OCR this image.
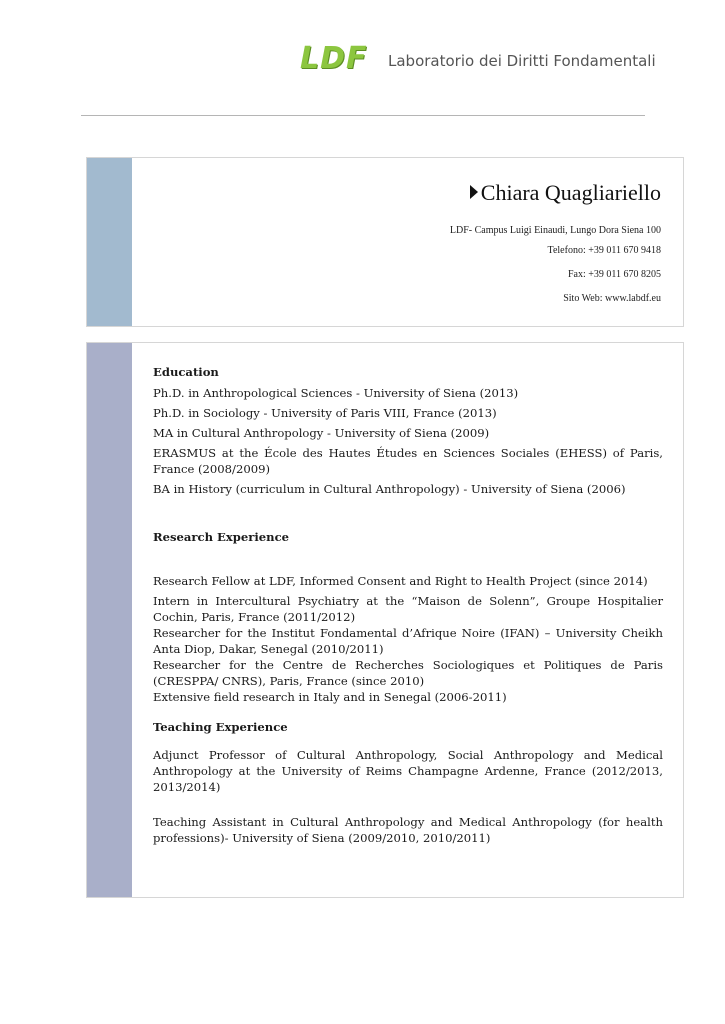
LDF Laboratorio dei Diritti Fondamentali
Chiara Quagliariello
LDF- Campus Luigi Einaudi, Lungo Dora Siena 100
Telefono: +39 011 670 9418
Fax: +39 011 670 8205
Sito Web: www.labdf.eu
Education
Ph.D. in Anthropological Sciences - University of Siena (2013)
Ph.D. in Sociology - University of Paris VIII, France (2013)
MA in Cultural Anthropology - University of Siena (2009)
ERASMUS at the École des Hautes Études en Sciences Sociales (EHESS) of Paris, France (2008/2009)
BA in History (curriculum in Cultural Anthropology) - University of Siena (2006)
Research Experience
Research Fellow at LDF, Informed Consent and Right to Health Project (since 2014)
Intern in Intercultural Psychiatry at the “Maison de Solenn”, Groupe Hospitalier Cochin, Paris, France (2011/2012)
Researcher for the Institut Fondamental d’Afrique Noire (IFAN) – University Cheikh Anta Diop, Dakar, Senegal (2010/2011)
Researcher for the Centre de Recherches Sociologiques et Politiques de Paris (CRESPPA/ CNRS), Paris, France (since 2010)
Extensive field research in Italy and in Senegal (2006-2011)
Teaching Experience
Adjunct Professor of Cultural Anthropology, Social Anthropology and Medical Anthropology at the University of Reims Champagne Ardenne, France (2012/2013, 2013/2014)
Teaching Assistant in Cultural Anthropology and Medical Anthropology (for health professions)- University of Siena (2009/2010, 2010/2011)
